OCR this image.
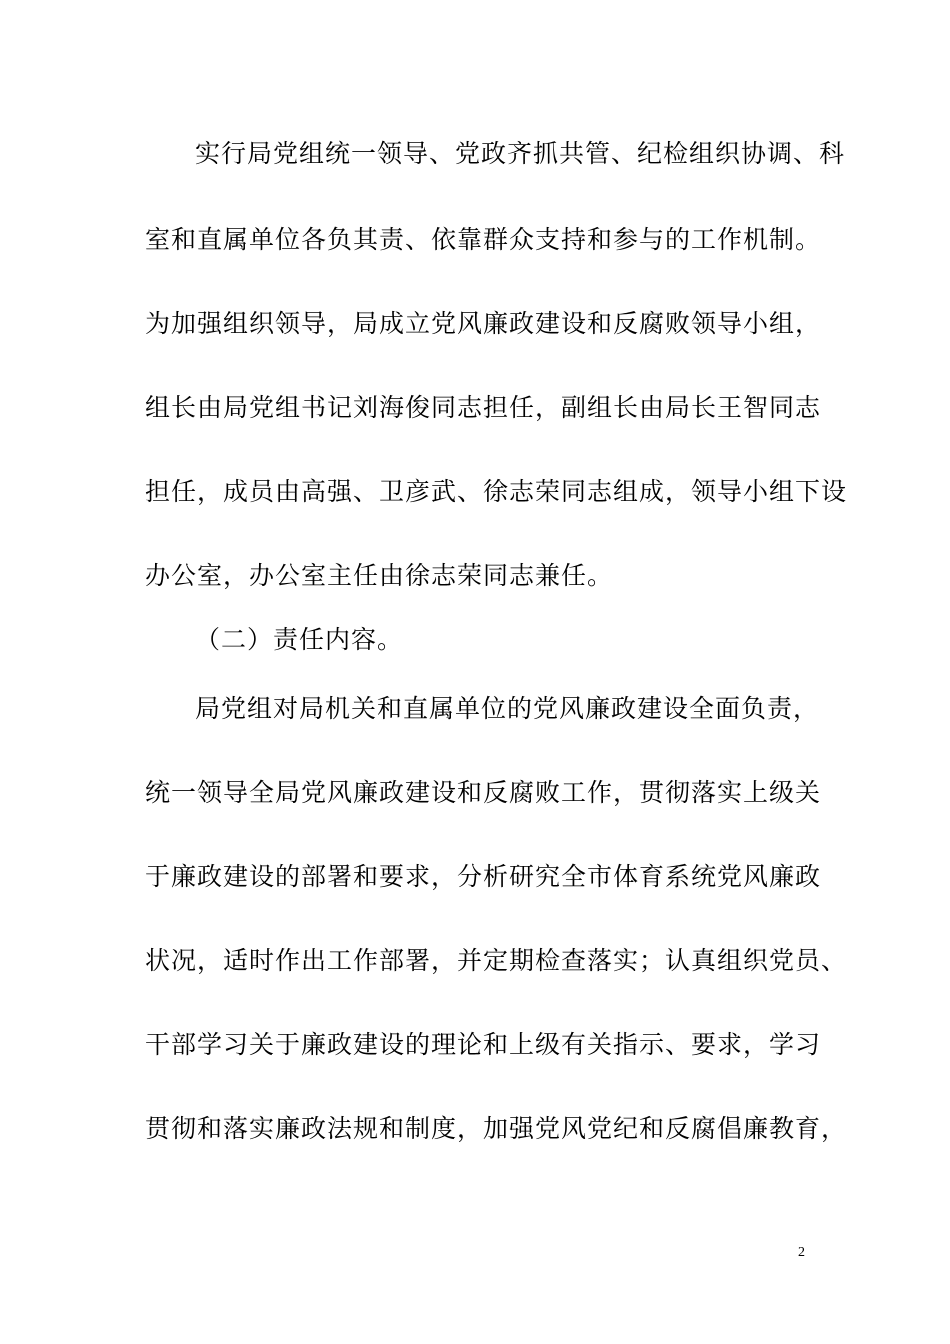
实行局党组统一领导、党政齐抓共管、纪检组织协调、科
室和直属单位各负其责、依靠群众支持和参与的工作机制。
为加强组织领导，局成立党风廉政建设和反腐败领导小组，
组长由局党组书记刘海俊同志担任，副组长由局长王智同志
担任，成员由高强、卫彦武、徐志荣同志组成，领导小组下设
办公室，办公室主任由徐志荣同志兼任。
（二）责任内容。
局党组对局机关和直属单位的党风廉政建设全面负责，
统一领导全局党风廉政建设和反腐败工作，贯彻落实上级关
于廉政建设的部署和要求，分析研究全市体育系统党风廉政
状况，适时作出工作部署，并定期检查落实；认真组织党员、
干部学习关于廉政建设的理论和上级有关指示、要求，学习
贯彻和落实廉政法规和制度，加强党风党纪和反腐倡廉教育，
2
